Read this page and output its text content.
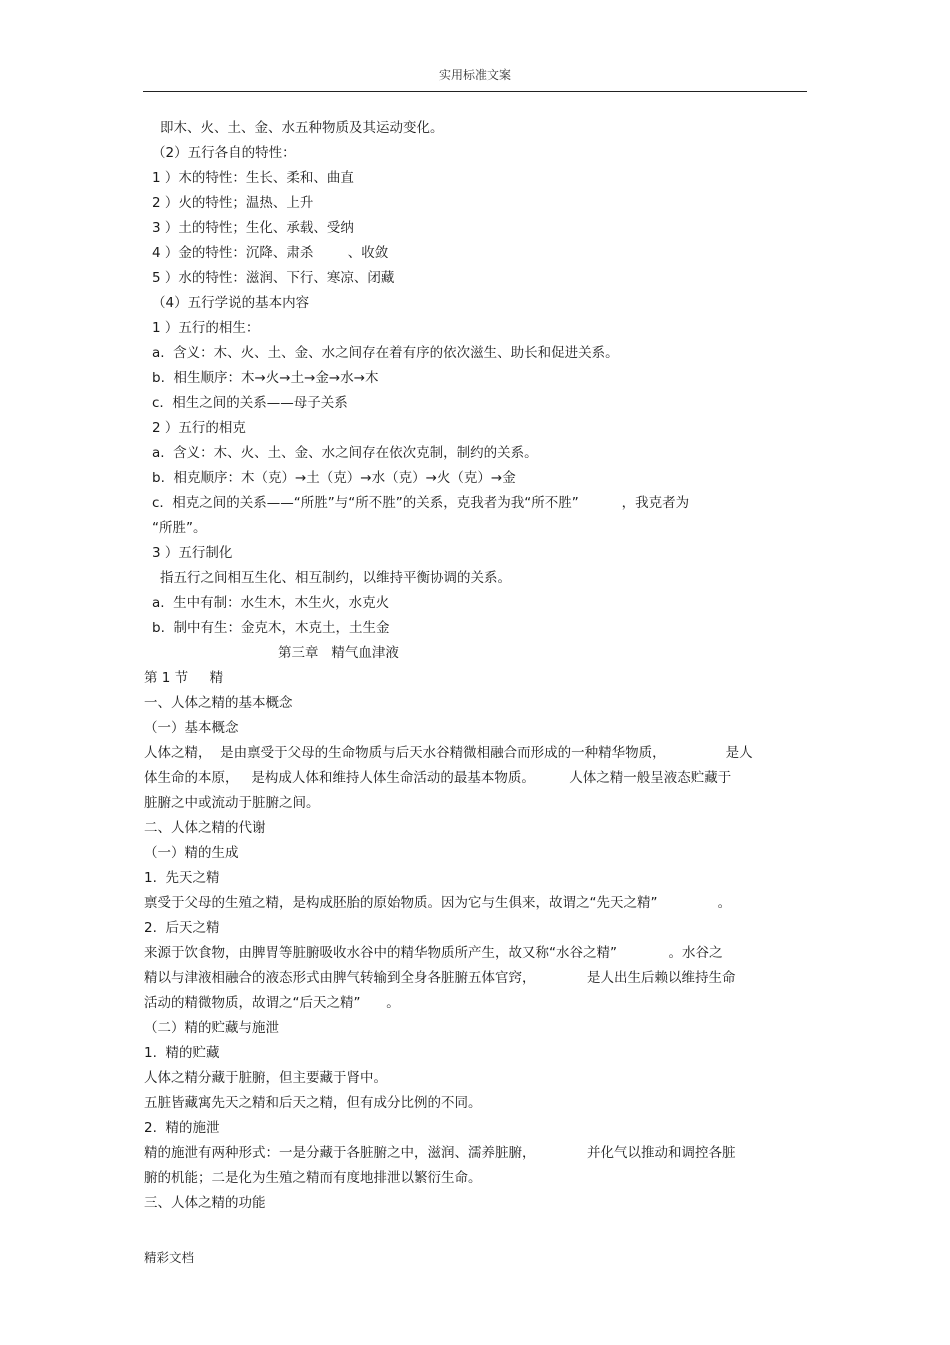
实用标准文案
即木、火、土、金、水五种物质及其运动变化。
（2）五行各自的特性：
1 ）木的特性：生长、柔和、曲直
2 ）火的特性；温热、上升
3 ）土的特性；生化、承载、受纳
4 ）金的特性：沉降、肃杀        、收敛
5 ）水的特性：滋润、下行、寒凉、闭藏
（4）五行学说的基本内容
1 ）五行的相生：
a.  含义：木、火、土、金、水之间存在着有序的依次滋生、助长和促进关系。
b.  相生顺序：木→火→土→金→水→木
c.  相生之间的关系——母子关系
2 ）五行的相克
a.  含义：木、火、土、金、水之间存在依次克制，制约的关系。
b.  相克顺序：木（克）→土（克）→水（克）→火（克）→金
c.  相克之间的关系——“所胜”与“所不胜”的关系，克我者为我“所不胜”          ，我克者为
“所胜”。
3 ）五行制化
指五行之间相互生化、相互制约，以维持平衡协调的关系。
a.  生中有制：水生木，木生火，水克火
b.  制中有生：金克木，木克土，土生金
第三章   精气血津液
第 1 节     精
一、人体之精的基本概念
（一）基本概念
人体之精，  是由禀受于父母的生命物质与后天水谷精微相融合而形成的一种精华物质，              是人
体生命的本原，   是构成人体和维持人体生命活动的最基本物质。        人体之精一般呈液态贮藏于
脏腑之中或流动于脏腑之间。
二、人体之精的代谢
（一）精的生成
1.  先天之精
禀受于父母的生殖之精，是构成胚胎的原始物质。因为它与生俱来，故谓之“先天之精”              。
2.  后天之精
来源于饮食物，由脾胃等脏腑吸收水谷中的精华物质所产生，故又称“水谷之精”            。水谷之
精以与津液相融合的液态形式由脾气转输到全身各脏腑五体官窍，            是人出生后赖以维持生命
活动的精微物质，故谓之“后天之精”      。
（二）精的贮藏与施泄
1.  精的贮藏
人体之精分藏于脏腑，但主要藏于肾中。
五脏皆藏寓先天之精和后天之精，但有成分比例的不同。
2.  精的施泄
精的施泄有两种形式：一是分藏于各脏腑之中，滋润、濡养脏腑，            并化气以推动和调控各脏
腑的机能；二是化为生殖之精而有度地排泄以繁衍生命。
三、人体之精的功能
精彩文档
